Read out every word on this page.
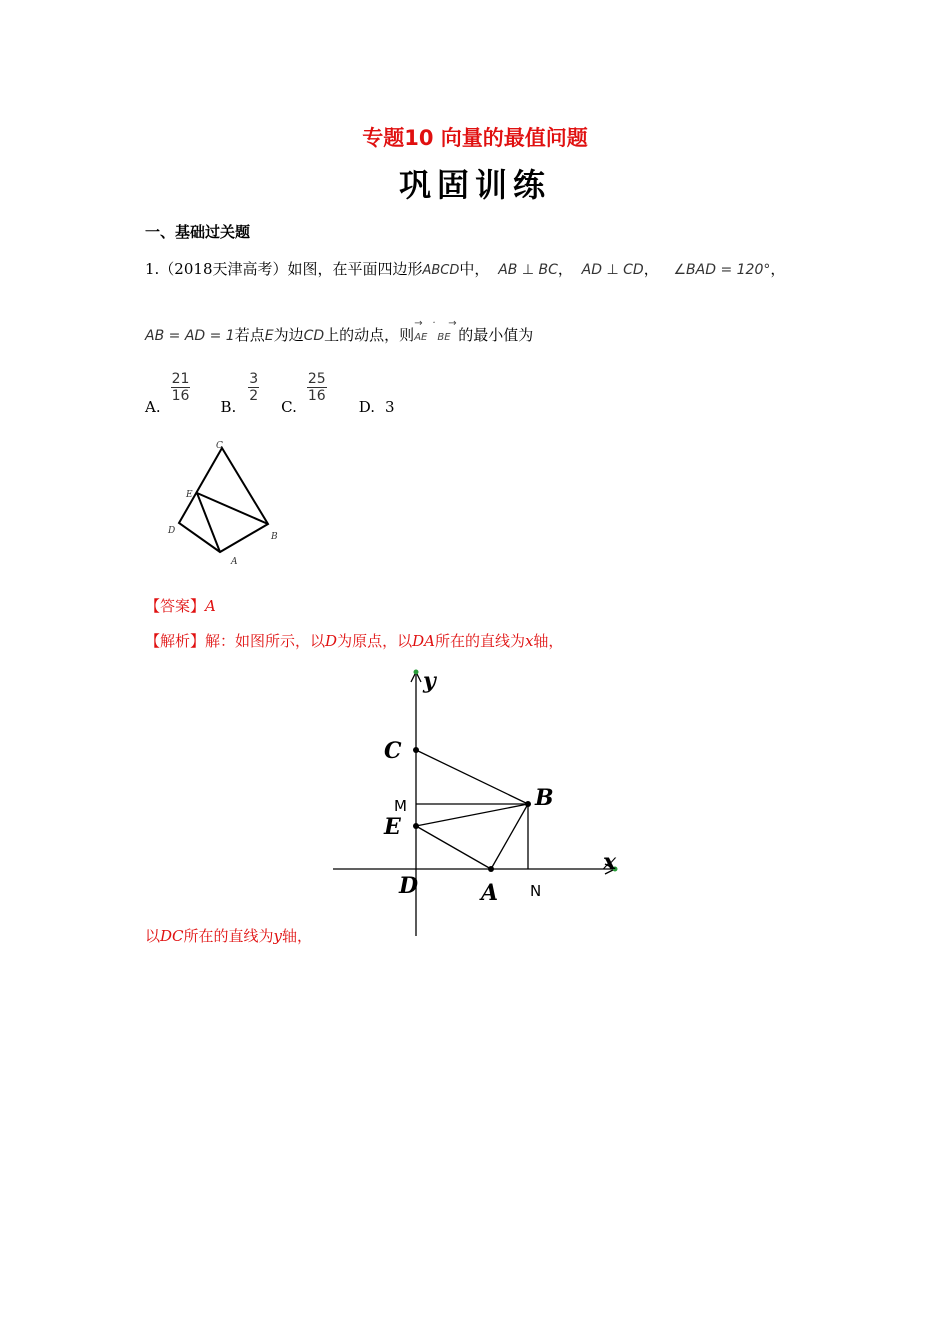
专题10 向量的最值问题
巩固训练
一、基础过关题
1.（2018天津高考）如图，在平面四边形ABCD中， AB ⊥ BC， AD ⊥ CD， ∠BAD = 120°，
AB = AD = 1若点E为边CD上的动点，则
→
AE
· →
BE 的最小值为
A.
$\frac{21}{16}$
B.
$\frac{3}{2}$
C.
$\frac{25}{16}$
D. 3
C
E
D
B
A
【答案】A
【解析】解：如图所示，以D为原点，以DA所在的直线为x轴，
y
x
C
B
E
D	A
M
N
以DC所在的直线为y轴，
